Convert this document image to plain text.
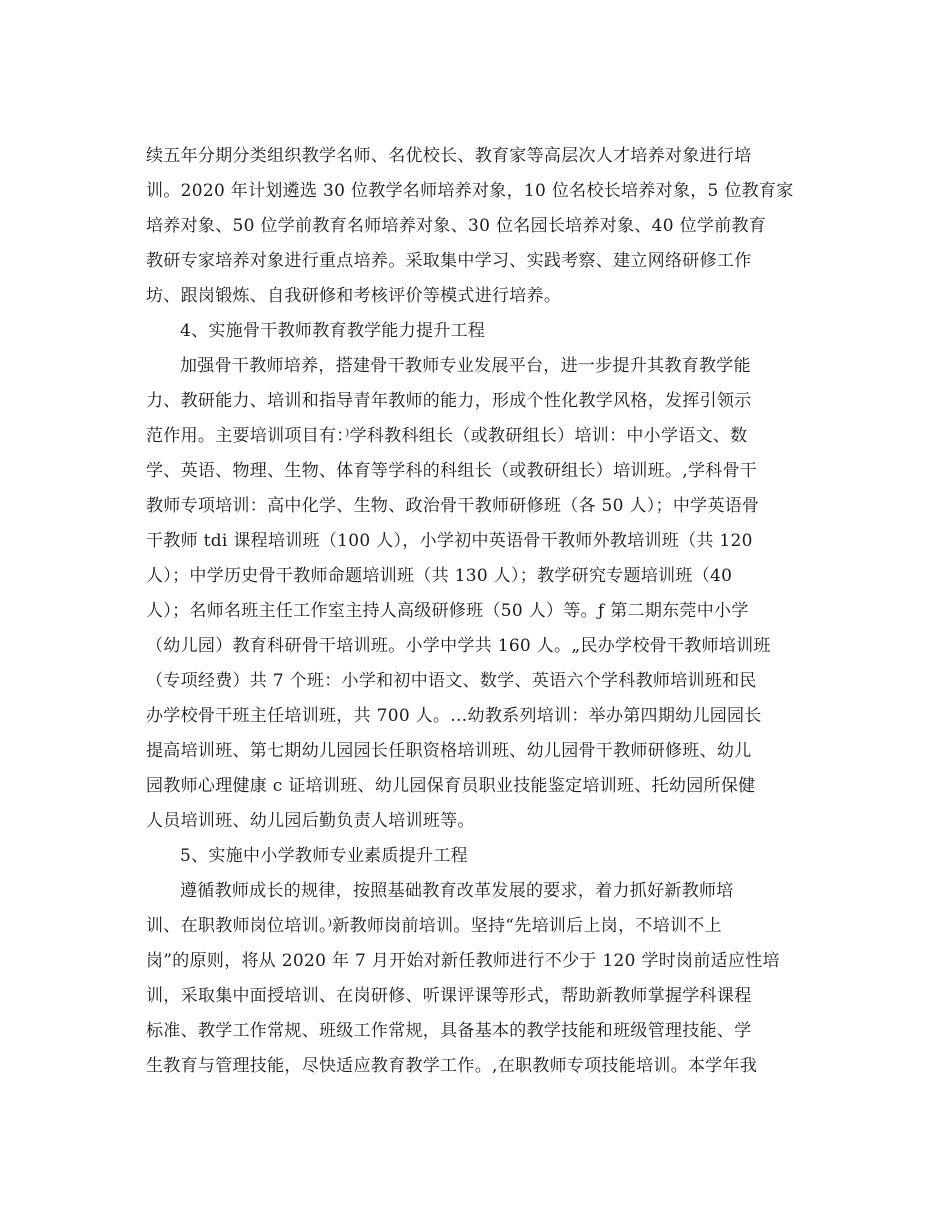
续五年分期分类组织教学名师、名优校长、教育家等高层次人才培养对象进行培
训。2020 年计划遴选 30 位教学名师培养对象，10 位名校长培养对象，5 位教育家
培养对象、50 位学前教育名师培养对象、30 位名园长培养对象、40 位学前教育
教研专家培养对象进行重点培养。采取集中学习、实践考察、建立网络研修工作
坊、跟岗锻炼、自我研修和考核评价等模式进行培养。
4、实施骨干教师教育教学能力提升工程
加强骨干教师培养，搭建骨干教师专业发展平台，进一步提升其教育教学能
力、教研能力、培训和指导青年教师的能力，形成个性化教学风格，发挥引领示
范作用。主要培训项目有：⁾学科教科组长（或教研组长）培训：中小学语文、数
学、英语、物理、生物、体育等学科的科组长（或教研组长）培训班。,学科骨干
教师专项培训：高中化学、生物、政治骨干教师研修班（各 50 人）；中学英语骨
干教师 tdi 课程培训班（100 人），小学初中英语骨干教师外教培训班（共 120
人）；中学历史骨干教师命题培训班（共 130 人）；教学研究专题培训班（40
人）；名师名班主任工作室主持人高级研修班（50 人）等。ƒ 第二期东莞中小学
（幼儿园）教育科研骨干培训班。小学中学共 160 人。„民办学校骨干教师培训班
（专项经费）共 7 个班：小学和初中语文、数学、英语六个学科教师培训班和民
办学校骨干班主任培训班，共 700 人。…幼教系列培训：举办第四期幼儿园园长
提高培训班、第七期幼儿园园长任职资格培训班、幼儿园骨干教师研修班、幼儿
园教师心理健康 c 证培训班、幼儿园保育员职业技能鉴定培训班、托幼园所保健
人员培训班、幼儿园后勤负责人培训班等。
5、实施中小学教师专业素质提升工程
遵循教师成长的规律，按照基础教育改革发展的要求，着力抓好新教师培
训、在职教师岗位培训。⁾新教师岗前培训。坚持“先培训后上岗，不培训不上
岗”的原则，将从 2020 年 7 月开始对新任教师进行不少于 120 学时岗前适应性培
训，采取集中面授培训、在岗研修、听课评课等形式，帮助新教师掌握学科课程
标准、教学工作常规、班级工作常规，具备基本的教学技能和班级管理技能、学
生教育与管理技能，尽快适应教育教学工作。,在职教师专项技能培训。本学年我
